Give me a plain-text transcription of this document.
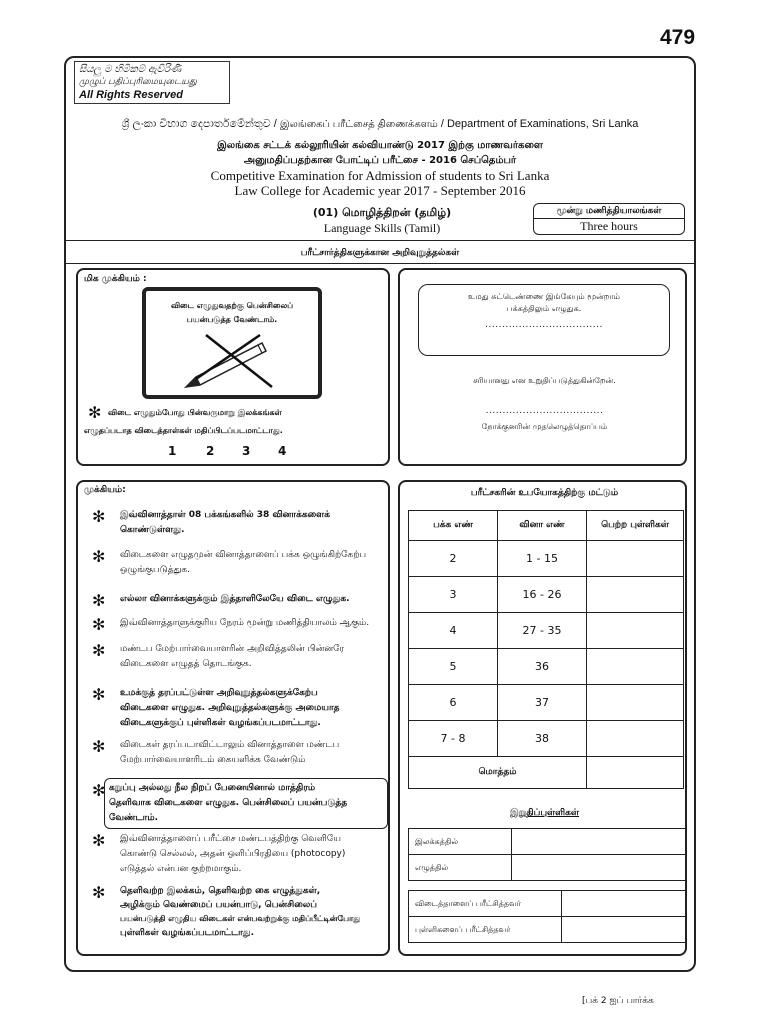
479
සියලු ම හිමිකම් ඇවිරිණි
முழுப் பதிப்புரிமையுடையது
All Rights Reserved
ශ්‍රී ලංකා විභාග දෙපාර්තමේන්තුව / இலங்கைப் பரீட்சைத் திணைக்களம் / Department of Examinations, Sri Lanka
இலங்கை சட்டக் கல்லூரியின் கல்வியாண்டு 2017 இற்கு மாணவர்களை
அனுமதிப்பதற்கான போட்டிப் பரீட்சை - 2016 செப்தெம்பர்
Competitive Examination for Admission of students to Sri Lanka
Law College for Academic year 2017 - September 2016
(01) மொழித்திறன் (தமிழ்)
Language Skills (Tamil)
மூன்று மணித்தியாலங்கள்
Three hours
பரீட்சார்த்திகளுக்கான அறிவுறுத்தல்கள்
மிக முக்கியம் :
விடை எழுதுவதற்கு பென்சிலைப்
பயன்படுத்த வேண்டாம்.
✻ விடை எழுதும்போது பின்வருமாறு இலக்கங்கள்
எழுதப்படாத விடைத்தாள்கள் மதிப்பிடப்படமாட்டாது.
1 2 3 4
உமது சுட்டெண்ணை இங்கேயும் மூன்றாம்
பக்கத்திலும் எழுதுக.
...................................
சரியானது என உறுதிப்படுத்துகின்றேன்.
...................................
நோக்குனரின் முதலெழுத்தொப்பம்
முக்கியம்:
✻ இவ்வினாத்தாள் 08 பக்கங்களில் 38 வினாக்களைக்
கொண்டுள்ளது.
✻ விடைகளை எழுதமுன் வினாத்தாளைப் பக்க ஒழுங்கிற்கேற்ப
ஒழுங்குபடுத்துக.
✻ எல்லா வினாக்களுக்கும் இத்தாளிலேயே விடை எழுதுக.
✻ இவ்வினாத்தாளுக்குரிய நேரம் மூன்று மணித்தியாலம் ஆகும்.
✻ மண்டப மேற்பார்வையாளரின் அறிவித்தலின் பின்னரே
விடைகளை எழுதத் தொடங்குக.
✻ உமக்குத் தரப்பட்டுள்ள அறிவுறுத்தல்களுக்கேற்ப
விடைகளை எழுதுக. அறிவுறுத்தல்களுக்கு அமையாத
விடைகளுக்குப் புள்ளிகள் வழங்கப்படமாட்டாது.
✻ விடைகள் தரப்படாவிட்டாலும் வினாத்தாளை மண்டப
மேற்பார்வையாளரிடம் கையளிக்க வேண்டும்
✻ கறுப்பு அல்லது நீல நிறப் பேனையினால் மாத்திரம்
தெளிவாக விடைகளை எழுதுக. பென்சிலைப் பயன்படுத்த
வேண்டாம்.
✻ இவ்வினாத்தாளைப் பரீட்சை மண்டபத்திற்கு வெளியே
கொண்டு செல்லல், அதன் ஒளிப்பிரதியை (photocopy)
எடுத்தல் என்பன குற்றமாகும்.
✻ தெளிவற்ற இலக்கம், தெளிவற்ற கை எழுத்துகள்,
அழிக்கும் வெண்மைப் பயன்பாடு, பென்சிலைப்
பயன்படுத்தி எழுதிய விடைகள் என்பவற்றுக்கு மதிப்பீட்டின்போது
புள்ளிகள் வழங்கப்படமாட்டாது.
பரீட்சகரின் உபயோகத்திற்கு மட்டும்
பக்க எண்	வினா எண்	பெற்ற புள்ளிகள்
2	1 - 15	
3	16 - 26	
4	27 - 35	
5	36	
6	37	
7 - 8	38	
மொத்தம்		
இறுதிப்புள்ளிகள்
இலக்கத்தில்	
எழுத்தில்	
விடைத்தாளைப் பரீட்சித்தவர்	
புள்ளிகளைப் பரீட்சித்தவர்	
[பக் 2 ஐப் பார்க்க
